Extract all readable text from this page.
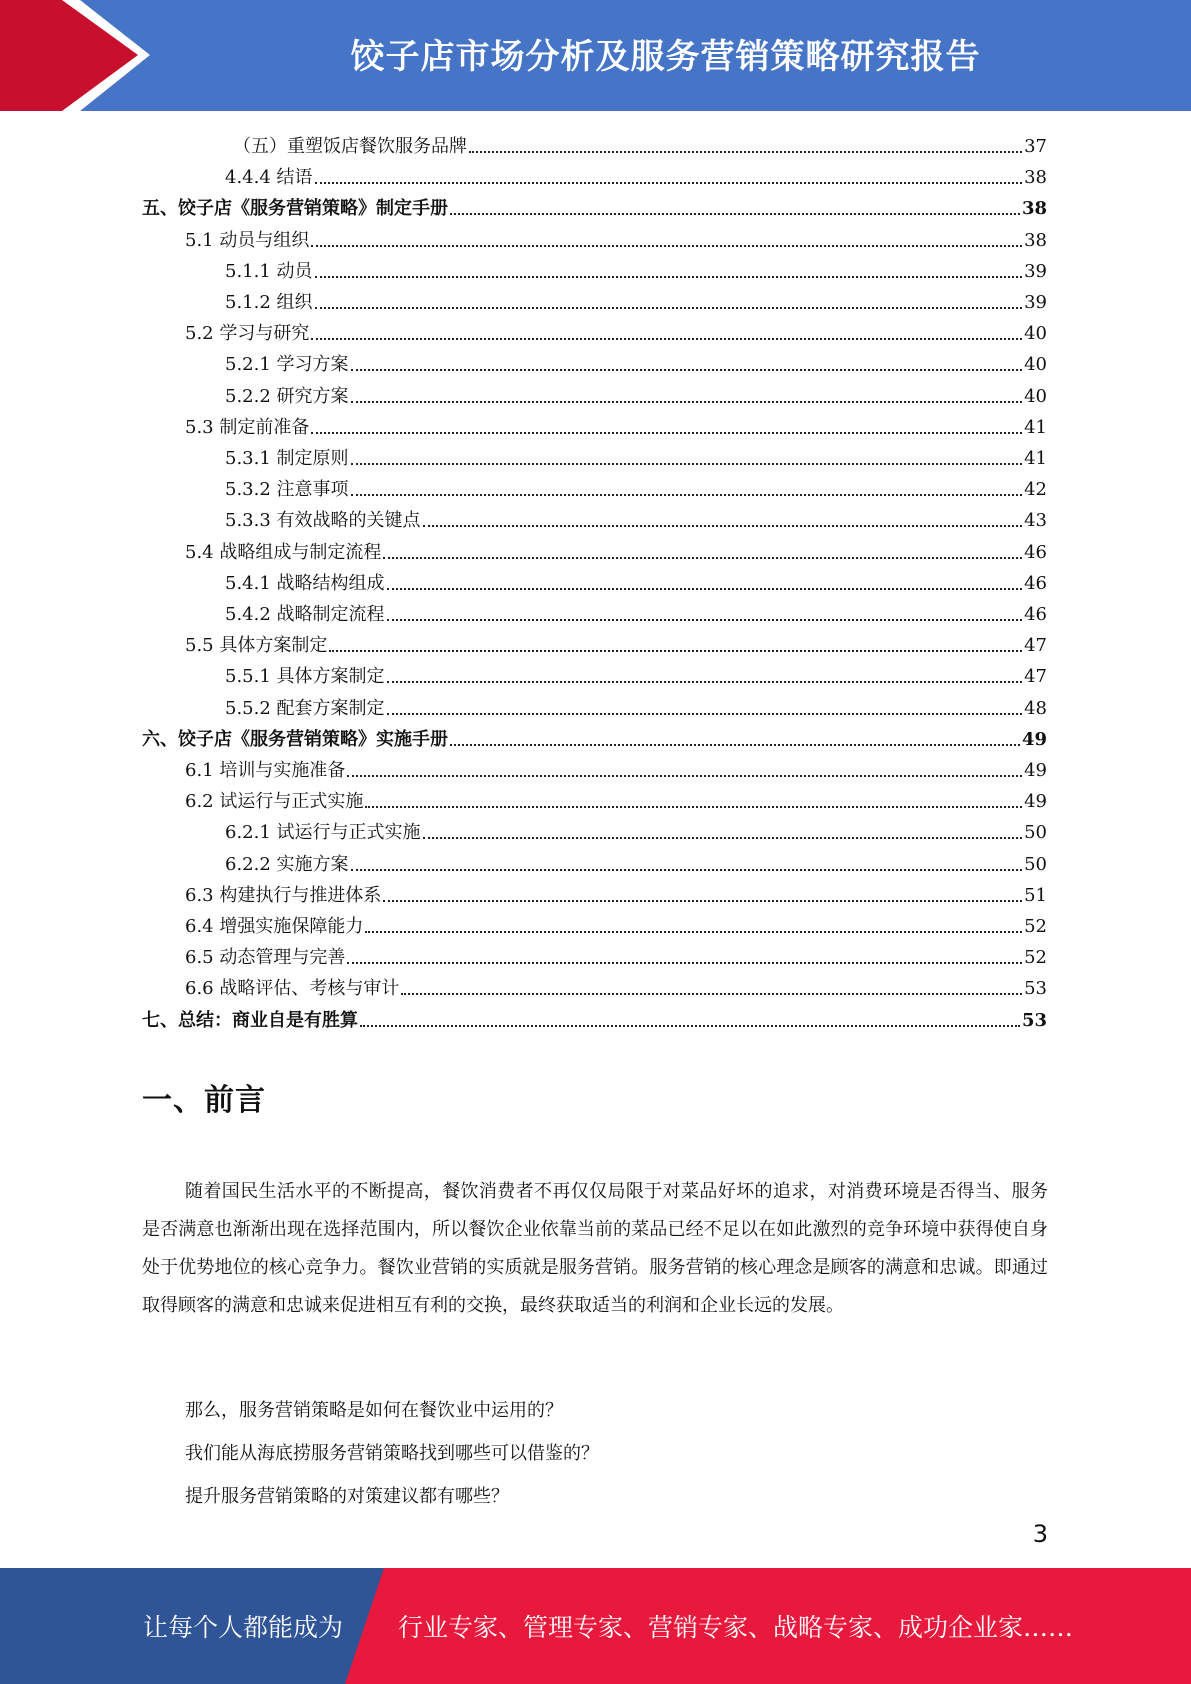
饺子店市场分析及服务营销策略研究报告
（五）重塑饭店餐饮服务品牌	37
4.4.4 结语	38
五、饺子店《服务营销策略》制定手册	38
5.1 动员与组织	38
5.1.1 动员	39
5.1.2 组织	39
5.2 学习与研究	40
5.2.1 学习方案	40
5.2.2 研究方案	40
5.3 制定前准备	41
5.3.1 制定原则	41
5.3.2 注意事项	42
5.3.3 有效战略的关键点	43
5.4 战略组成与制定流程	46
5.4.1 战略结构组成	46
5.4.2 战略制定流程	46
5.5 具体方案制定	47
5.5.1 具体方案制定	47
5.5.2 配套方案制定	48
六、饺子店《服务营销策略》实施手册	49
6.1 培训与实施准备	49
6.2 试运行与正式实施	49
6.2.1 试运行与正式实施	50
6.2.2 实施方案	50
6.3 构建执行与推进体系	51
6.4 增强实施保障能力	52
6.5 动态管理与完善	52
6.6 战略评估、考核与审计	53
七、总结：商业自是有胜算	53
一、前言

随着国民生活水平的不断提高，餐饮消费者不再仅仅局限于对菜品好坏的追求，对消费环境是否得当、服务是否满意也渐渐出现在选择范围内，所以餐饮企业依靠当前的菜品已经不足以在如此激烈的竞争环境中获得使自身处于优势地位的核心竞争力。餐饮业营销的实质就是服务营销。服务营销的核心理念是顾客的满意和忠诚。即通过取得顾客的满意和忠诚来促进相互有利的交换，最终获取适当的利润和企业长远的发展。

那么，服务营销策略是如何在餐饮业中运用的？
我们能从海底捞服务营销策略找到哪些可以借鉴的？
提升服务营销策略的对策建议都有哪些？
3
让每个人都能成为 行业专家、管理专家、营销专家、战略专家、成功企业家……
